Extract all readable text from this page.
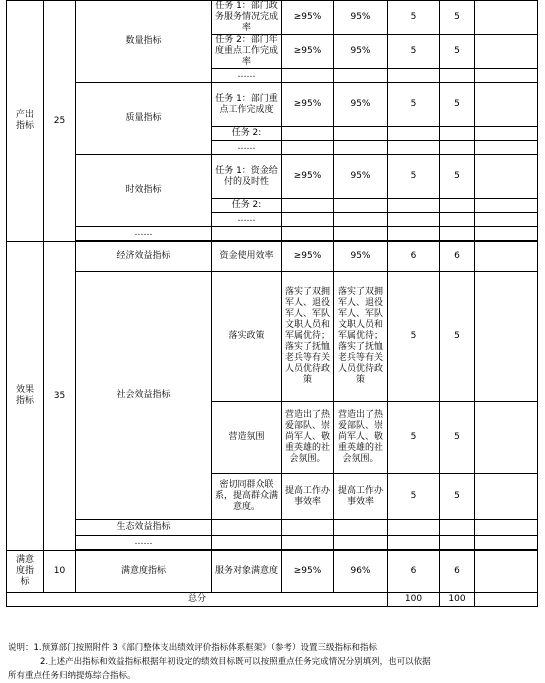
产出
指标	25	数量指标	任务 1：部门政务服务情况完成率	≥95%	95%	5	5	
			任务 2：部门年度重点工作完成率	≥95%	95%	5	5	
			……					
		质量指标	任务 1：部门重点工作完成度	≥95%	95%	5	5	
			任务 2:					
			……					
		时效指标	任务 1：资金给付的及时性	≥95%	95%	5	5	
			任务 2:					
			……					
		……						

效果
指标	35	经济效益指标	资金使用效率	≥95%	95%	6	6	
		社会效益指标	落实政策	落实了双拥军人、退役军人、军队文职人员和军属优待；落实了抚恤老兵等有关人员优待政策	落实了双拥军人、退役军人、军队文职人员和军属优待；落实了抚恤老兵等有关人员优待政策	5	5	
			营造氛围	营造出了热爱部队、崇尚军人、敬重英雄的社会氛围。	营造出了热爱部队、崇尚军人、敬重英雄的社会氛围。	5	5	
			密切同群众联系，提高群众满意度。	提高工作办事效率	提高工作办事效率	5	5	
		生态效益指标						
		……						

满意
度指
标	10	满意度指标	服务对象满意度	≥95%	96%	6	6	
总分						100	100	
说明：1.预算部门按照附件 3《部门整体支出绩效评价指标体系框架》（参考）设置三级指标和指标
2.上述产出指标和效益指标根据年初设定的绩效目标既可以按照重点任务完成情况分别填列，也可以依据
所有重点任务归纳提炼综合指标。
